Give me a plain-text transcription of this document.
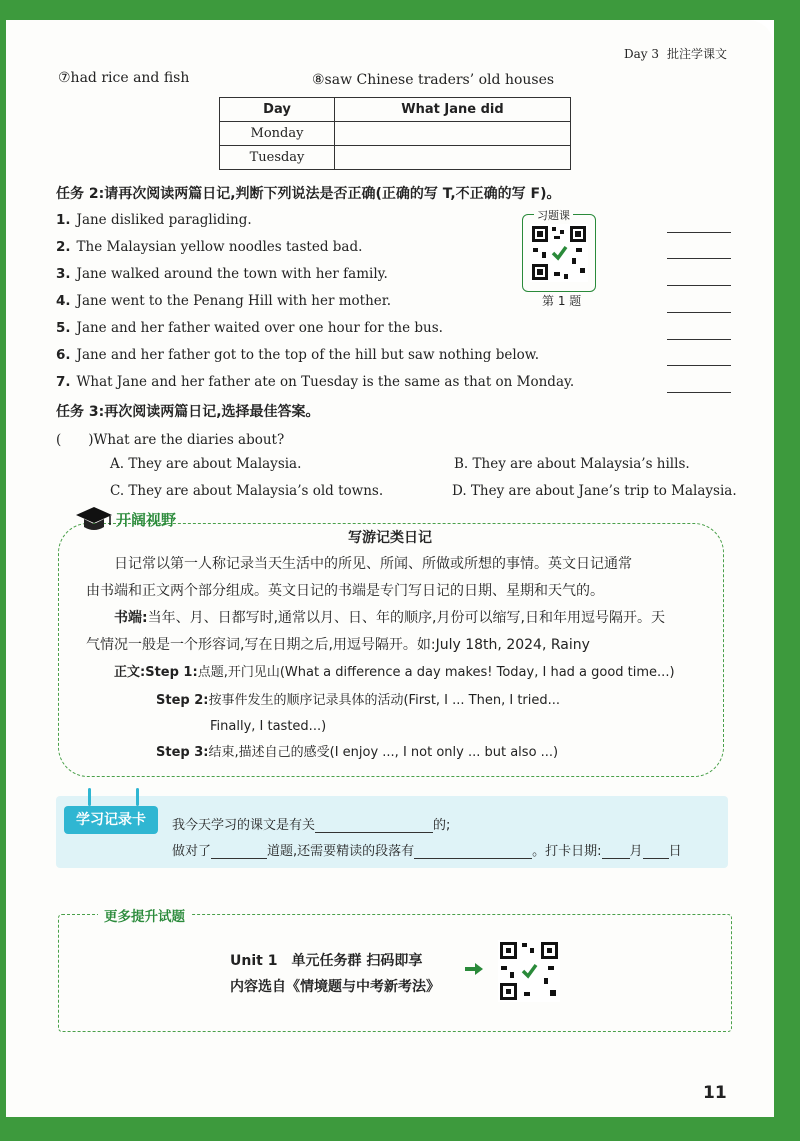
Day 3 批注学课文
⑦had rice and fish	⑧saw Chinese traders’ old houses
Day	What Jane did
Monday	
Tuesday	
任务 2:请再次阅读两篇日记,判断下列说法是否正确(正确的写 T,不正确的写 F)。
1. Jane disliked paragliding.
2. The Malaysian yellow noodles tasted bad.
3. Jane walked around the town with her family.
4. Jane went to the Penang Hill with her mother.
5. Jane and her father waited over one hour for the bus.
6. Jane and her father got to the top of the hill but saw nothing below.
7. What Jane and her father ate on Tuesday is the same as that on Monday.
习题课
第 1 题
任务 3:再次阅读两篇日记,选择最佳答案。
(　　)What are the diaries about?
A. They are about Malaysia.	B. They are about Malaysia’s hills.
C. They are about Malaysia’s old towns.	D. They are about Jane’s trip to Malaysia.
开阔视野
写游记类日记
日记常以第一人称记录当天生活中的所见、所闻、所做或所想的事情。英文日记通常
由书端和正文两个部分组成。英文日记的书端是专门写日记的日期、星期和天气的。
书端:当年、月、日都写时,通常以月、日、年的顺序,月份可以缩写,日和年用逗号隔开。天
气情况一般是一个形容词,写在日期之后,用逗号隔开。如:July 18th, 2024, Rainy
正文:Step 1:点题,开门见山(What a difference a day makes! Today, I had a good time...)
Step 2:按事件发生的顺序记录具体的活动(First, I ... Then, I tried...
Finally, I tasted...)
Step 3:结束,描述自己的感受(I enjoy ..., I not only ... but also ...)
学习记录卡	我今天学习的课文是有关	的;
做对了	道题,还需要精读的段落有	。打卡日期: 月 日
更多提升试题
Unit 1　单元任务群 扫码即享
内容选自《情境题与中考新考法》
11
